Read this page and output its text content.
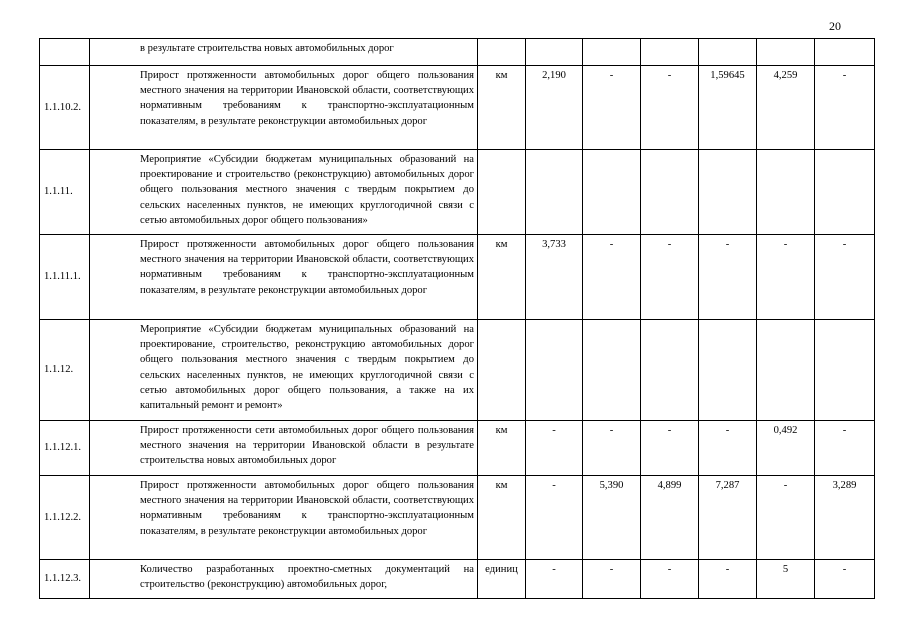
20
	в результате строительства новых автомобильных дорог							
1.1.10.2.	Прирост протяженности автомобильных дорог общего пользования местного значения на территории Ивановской области, соответствующих нормативным требованиям к транспортно-эксплуатационным показателям, в результате реконструкции автомобильных дорог	км	2,190	-	-	1,59645	4,259	-
1.1.11.	Мероприятие «Субсидии бюджетам муниципальных образований на проектирование и строительство (реконструкцию) автомобильных дорог общего пользования местного значения с твердым покрытием до сельских населенных пунктов, не имеющих круглогодичной связи с сетью автомобильных дорог общего пользования»							
1.1.11.1.	Прирост протяженности автомобильных дорог общего пользования местного значения на территории Ивановской области, соответствующих нормативным требованиям к транспортно-эксплуатационным показателям, в результате реконструкции автомобильных дорог	км	3,733	-	-	-	-	-
1.1.12.	Мероприятие «Субсидии бюджетам муниципальных образований на проектирование, строительство, реконструкцию автомобильных дорог общего пользования местного значения с твердым покрытием до сельских населенных пунктов, не имеющих круглогодичной связи с сетью автомобильных дорог общего пользования, а также на их капитальный ремонт и ремонт»							
1.1.12.1.	Прирост протяженности сети автомобильных дорог общего пользования местного значения на территории Ивановской области в результате строительства новых автомобильных дорог	км	-	-	-	-	0,492	-
1.1.12.2.	Прирост протяженности автомобильных дорог общего пользования местного значения на территории Ивановской области, соответствующих нормативным требованиям к транспортно-эксплуатационным показателям, в результате реконструкции автомобильных дорог	км	-	5,390	4,899	7,287	-	3,289
1.1.12.3.	Количество разработанных проектно-сметных документаций на строительство (реконструкцию) автомобильных дорог,	единиц	-	-	-	-	5	-
